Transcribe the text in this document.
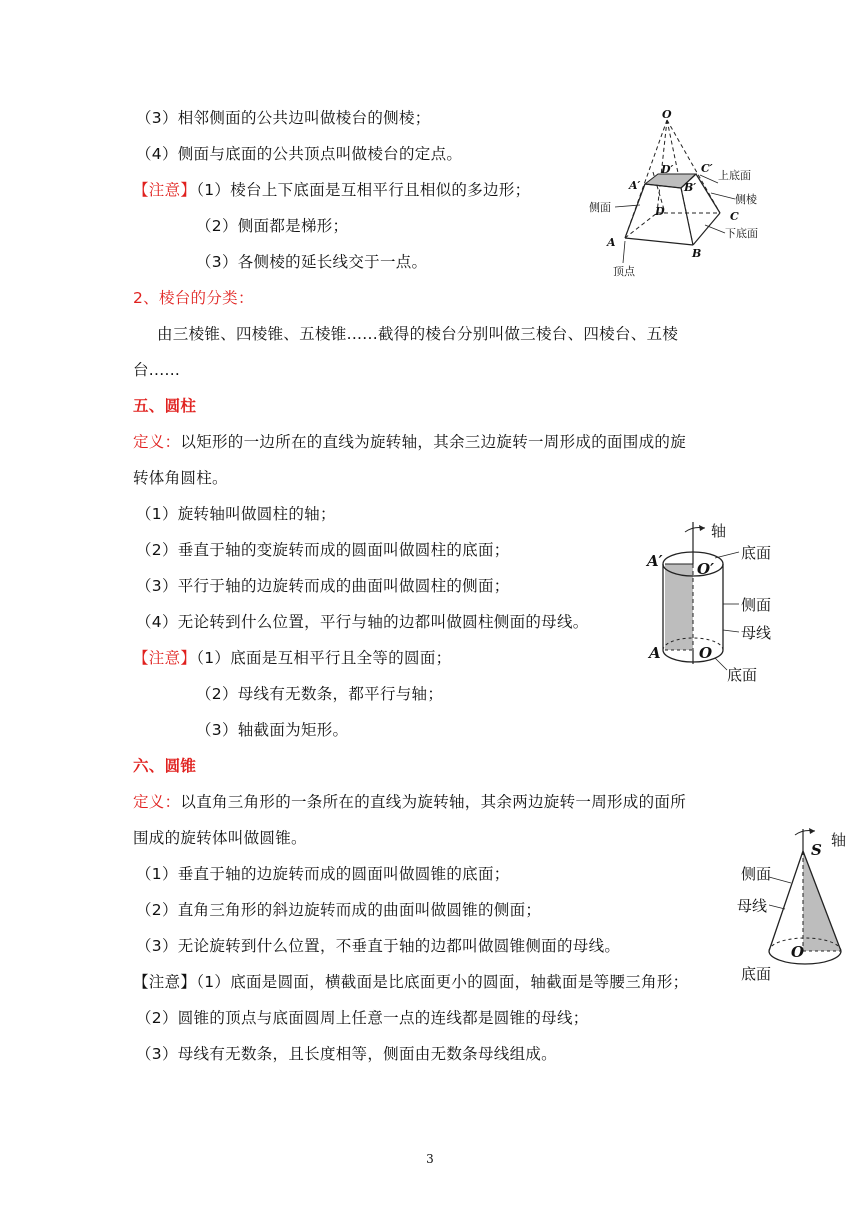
（3）相邻侧面的公共边叫做棱台的侧棱；
（4）侧面与底面的公共顶点叫做棱台的定点。
【注意】（1）棱台上下底面是互相平行且相似的多边形；
（2）侧面都是梯形；
（3）各侧棱的延长线交于一点。
2、棱台的分类：
由三棱锥、四棱锥、五棱锥......截得的棱台分别叫做三棱台、四棱台、五棱
台......
O
D′	C′
A′	B′
D	C
A
B
上底面
侧棱
侧面
下底面
顶点
五、圆柱
定义：以矩形的一边所在的直线为旋转轴，其余三边旋转一周形成的面围成的旋
转体角圆柱。
（1）旋转轴叫做圆柱的轴；
（2）垂直于轴的变旋转而成的圆面叫做圆柱的底面；
（3）平行于轴的边旋转而成的曲面叫做圆柱的侧面；
（4）无论转到什么位置，平行与轴的边都叫做圆柱侧面的母线。
【注意】（1）底面是互相平行且全等的圆面；
（2）母线有无数条，都平行与轴；
（3）轴截面为矩形。
轴
底面
侧面
母线
底面
A′ O′
A	O
六、圆锥
定义：以直角三角形的一条所在的直线为旋转轴，其余两边旋转一周形成的面所
围成的旋转体叫做圆锥。
（1）垂直于轴的边旋转而成的圆面叫做圆锥的底面；
（2）直角三角形的斜边旋转而成的曲面叫做圆锥的侧面；
（3）无论旋转到什么位置，不垂直于轴的边都叫做圆锥侧面的母线。
【注意】（1）底面是圆面，横截面是比底面更小的圆面，轴截面是等腰三角形；
（2）圆锥的顶点与底面圆周上任意一点的连线都是圆锥的母线；
（3）母线有无数条，且长度相等，侧面由无数条母线组成。
轴
侧面
母线
底面
S
O
3
